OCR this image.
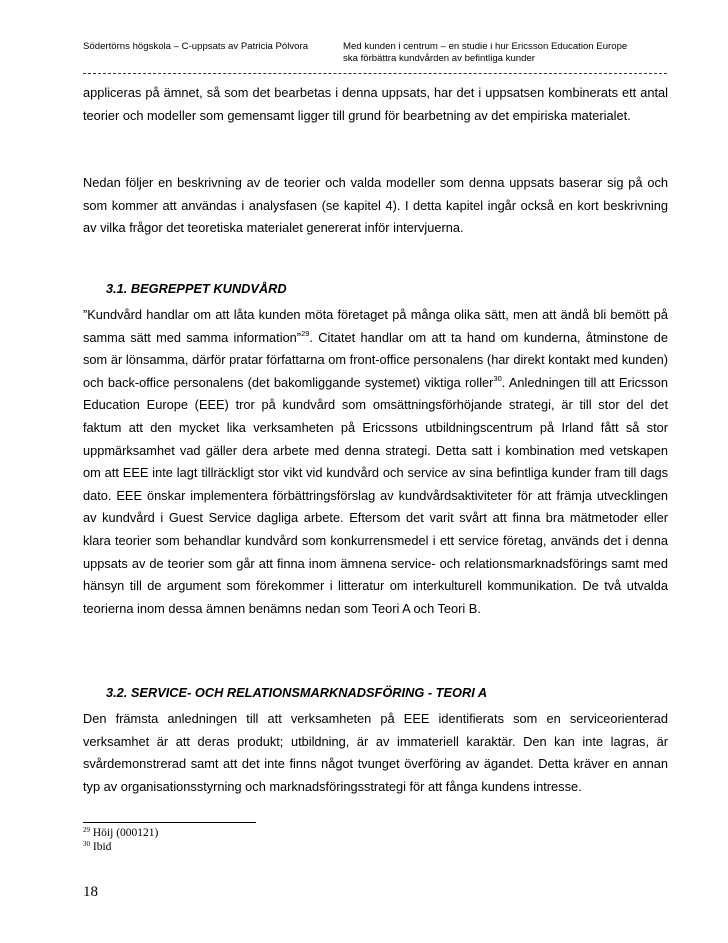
Södertörns högskola – C-uppsats av Patricia Pólvora	Med kunden i centrum – en studie i hur Ericsson Education Europe
ska förbättra kundvården av befintliga kunder

appliceras på ämnet, så som det bearbetas i denna uppsats, har det i uppsatsen kombinerats ett antal teorier och modeller som gemensamt ligger till grund för bearbetning av det empiriska materialet.

Nedan följer en beskrivning av de teorier och valda modeller som denna uppsats baserar sig på och som kommer att användas i analysfasen (se kapitel 4). I detta kapitel ingår också en kort beskrivning av vilka frågor det teoretiska materialet genererat inför intervjuerna.

3.1. BEGREPPET KUNDVÅRD

”Kundvård handlar om att låta kunden möta företaget på många olika sätt, men att ändå bli bemött på samma sätt med samma information”$^{29}$. Citatet handlar om att ta hand om kunderna, åtminstone de som är lönsamma, därför pratar författarna om front-office personalens (har direkt kontakt med kunden) och back-office personalens (det bakomliggande systemet) viktiga roller$^{30}$. Anledningen till att Ericsson Education Europe (EEE) tror på kundvård som omsättningsförhöjande strategi, är till stor del det faktum att den mycket lika verksamheten på Ericssons utbildningscentrum på Irland fått så stor uppmärksamhet vad gäller dera arbete med denna strategi. Detta satt i kombination med vetskapen om att EEE inte lagt tillräckligt stor vikt vid kundvård och service av sina befintliga kunder fram till dags dato. EEE önskar implementera förbättringsförslag av kundvårdsaktiviteter för att främja utvecklingen av kundvård i Guest Service dagliga arbete. Eftersom det varit svårt att finna bra mätmetoder eller klara teorier som behandlar kundvård som konkurrensmedel i ett service företag, används det i denna uppsats av de teorier som går att finna inom ämnena service- och relationsmarknadsförings samt med hänsyn till de argument som förekommer i litteratur om interkulturell kommunikation. De två utvalda teorierna inom dessa ämnen benämns nedan som Teori A och Teori B.

3.2. SERVICE- OCH RELATIONSMARKNADSFÖRING - TEORI A

Den främsta anledningen till att verksamheten på EEE identifierats som en serviceorienterad verksamhet är att deras produkt; utbildning, är av immateriell karaktär. Den kan inte lagras, är svårdemonstrerad samt att det inte finns något tvunget överföring av ägandet. Detta kräver en annan typ av organisationsstyrning och marknadsföringsstrategi för att fånga kundens intresse.

$^{29}$ Höij (000121)
$^{30}$ Ibid
18
